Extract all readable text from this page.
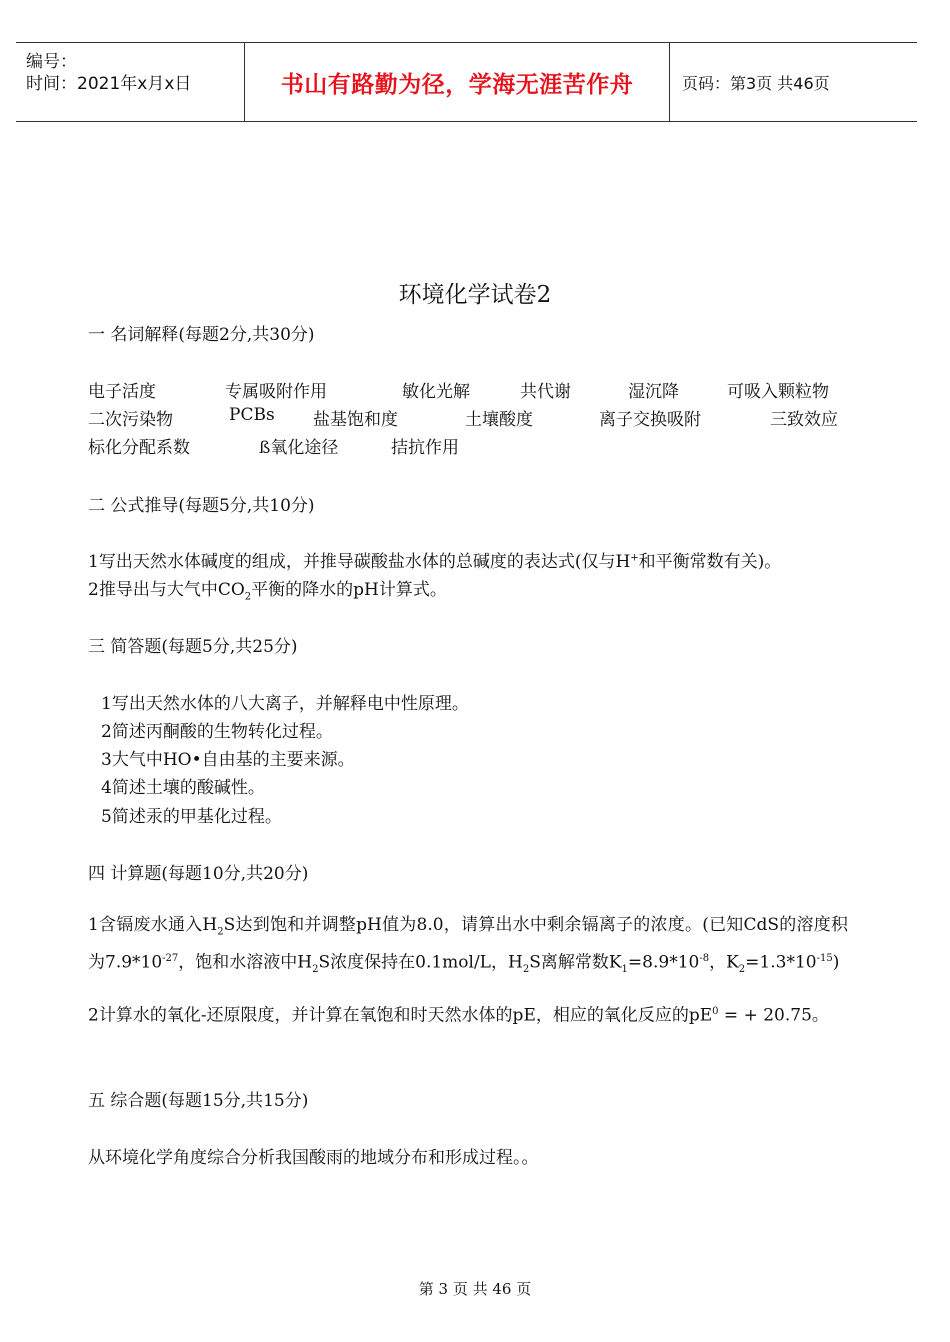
编号：
时间：2021年x月x日	书山有路勤为径，学海无涯苦作舟	页码：第3页 共46页
环境化学试卷2
一 名词解释(每题2分,共30分)
电子活度	专属吸附作用	敏化光解	共代谢	湿沉降	可吸入颗粒物
二次污染物	PCBs 盐基饱和度	土壤酸度	离子交换吸附	三致效应
标化分配系数	ß氧化途径	拮抗作用
二 公式推导(每题5分,共10分)
1写出天然水体碱度的组成，并推导碳酸盐水体的总碱度的表达式(仅与H+和平衡常数有关)。
2推导出与大气中$CO_2$平衡的降水的pH计算式。
三 简答题(每题5分,共25分)
1写出天然水体的八大离子，并解释电中性原理。
2简述丙酮酸的生物转化过程。
3大气中HO•自由基的主要来源。
4简述土壤的酸碱性。
5简述汞的甲基化过程。
四 计算题(每题10分,共20分)
1含镉废水通入$H_2S$达到饱和并调整pH值为8.0，请算出水中剩余镉离子的浓度。(已知CdS的溶度积为$7.9*10^{-27}$，饱和水溶液中$H_2S$浓度保持在0.1mol/L，$H_2S$离解常数$K_1=8.9*10^{-8}$，$K_2=1.3*10^{-15}$)
2计算水的氧化-还原限度，并计算在氧饱和时天然水体的pE，相应的氧化反应的$pE^0$ = + 20.75。
五 综合题(每题15分,共15分)
从环境化学角度综合分析我国酸雨的地域分布和形成过程。。
第 3 页 共 46 页
